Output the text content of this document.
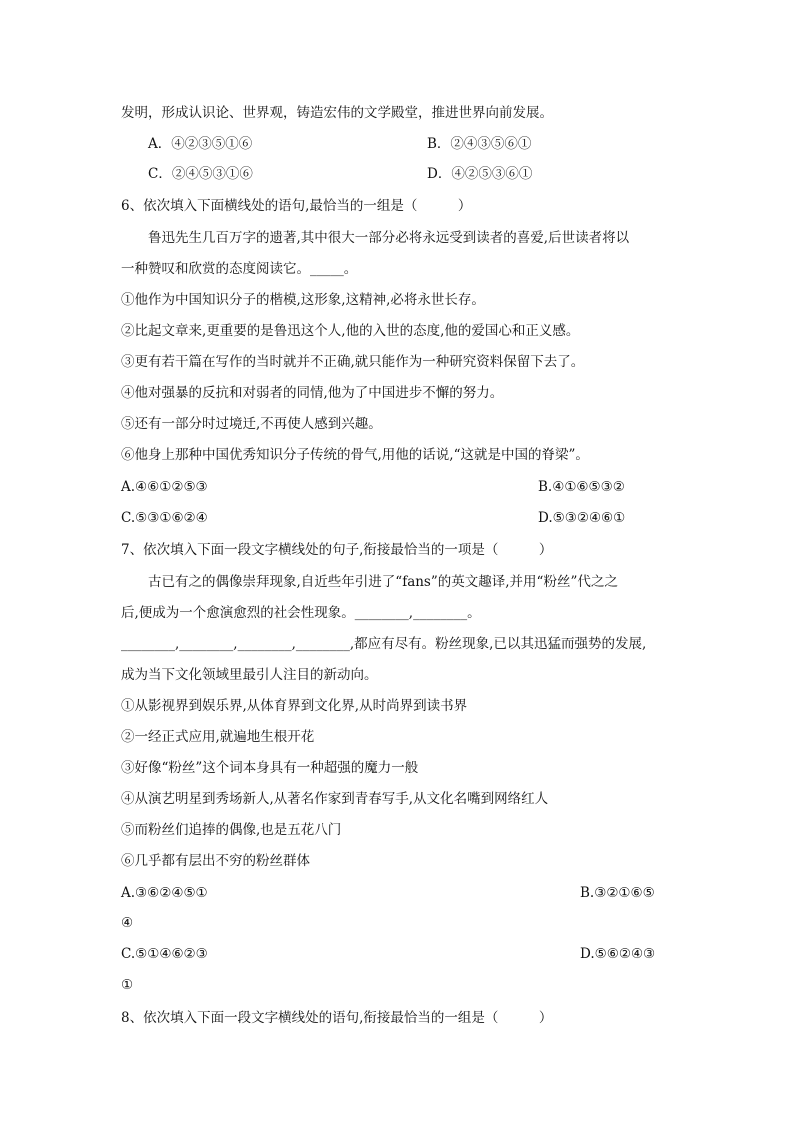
发明，形成认识论、世界观，铸造宏伟的文学殿堂，推进世界向前发展。
A．④②③⑤①⑥	B．②④③⑤⑥①
C．②④⑤③①⑥	D．④②⑤③⑥①
6、依次填入下面横线处的语句,最恰当的一组是（　　　）
鲁迅先生几百万字的遗著,其中很大一部分必将永远受到读者的喜爱,后世读者将以
一种赞叹和欣赏的态度阅读它。_____。
①他作为中国知识分子的楷模,这形象,这精神,必将永世长存。
②比起文章来,更重要的是鲁迅这个人,他的入世的态度,他的爱国心和正义感。
③更有若干篇在写作的当时就并不正确,就只能作为一种研究资料保留下去了。
④他对强暴的反抗和对弱者的同情,他为了中国进步不懈的努力。
⑤还有一部分时过境迁,不再使人感到兴趣。
⑥他身上那种中国优秀知识分子传统的骨气,用他的话说,“这就是中国的脊梁”。
A.④⑥①②⑤③	B.④①⑥⑤③②
C.⑤③①⑥②④	D.⑤③②④⑥①
7、依次填入下面一段文字横线处的句子,衔接最恰当的一项是（　　　）
古已有之的偶像崇拜现象,自近些年引进了“fans”的英文趣译,并用“粉丝”代之之
后,便成为一个愈演愈烈的社会性现象。________,________。
________,________,________,________,都应有尽有。粉丝现象,已以其迅猛而强势的发展,
成为当下文化领域里最引人注目的新动向。
①从影视界到娱乐界,从体育界到文化界,从时尚界到读书界
②一经正式应用,就遍地生根开花
③好像“粉丝”这个词本身具有一种超强的魔力一般
④从演艺明星到秀场新人,从著名作家到青春写手,从文化名嘴到网络红人
⑤而粉丝们追捧的偶像,也是五花八门
⑥几乎都有层出不穷的粉丝群体
A.③⑥②④⑤①	B.③②①⑥⑤
④
C.⑤①④⑥②③	D.⑤⑥②④③
①
8、依次填入下面一段文字横线处的语句,衔接最恰当的一组是（　　　）
